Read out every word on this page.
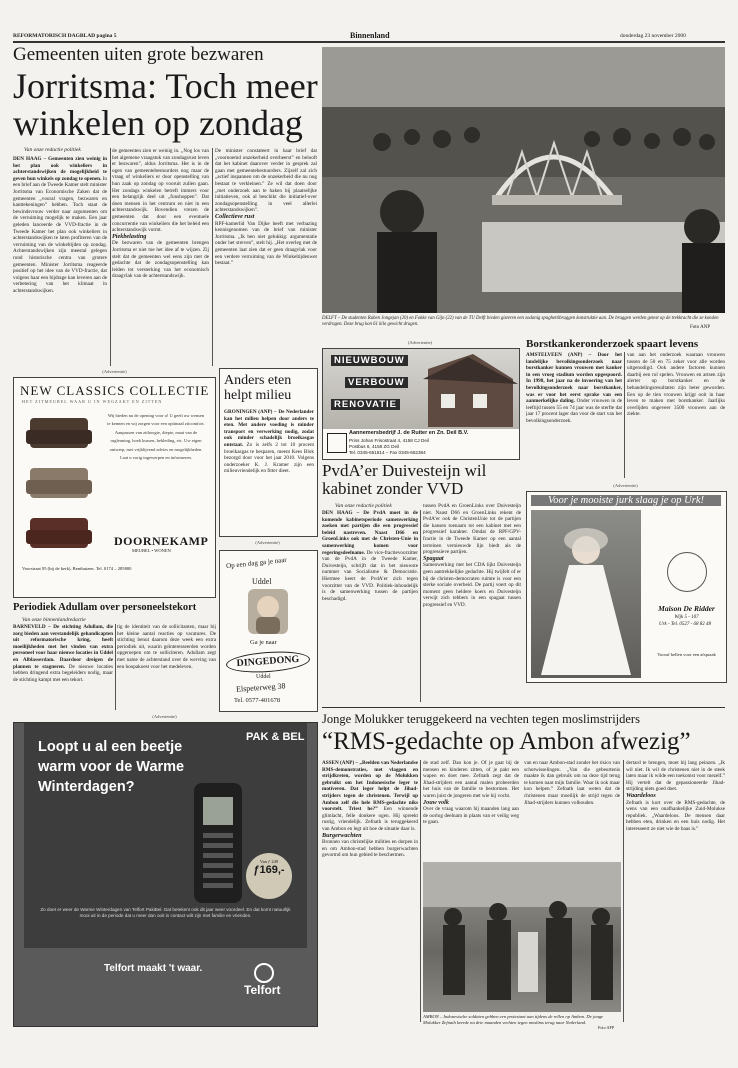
REFORMATORISCH DAGBLAD pagina 5	Binnenland	donderdag 23 november 2000
Gemeenten uiten grote bezwaren
Jorritsma: Toch meer
winkelen op zondag
Van onze redactie politiek
DEN HAAG – Gemeenten zien weinig in het plan ook winkeliers in achterstandswijken de mogelijkheid te geven hun winkels op zondag te openen. In een brief aan de Tweede Kamer stelt minister Jorritsma van Economische Zaken dat de gemeenten „vooral vragen, bezwaren en kanttekeningen” hebben. Toch staat de bewindsvrouw verder naar argumenten om de verruiming mogelijk te maken. Een jaar geleden lanceerde de VVD-fractie in de Tweede Kamer het plan ook winkeliers in achterstandswijken te laten profiteren van de verruiming van de winkeltijden op zondag. Achterstandswijken zijn meestal gelegen rond historische centra van grotere gemeenten. Minister Jorritsma reageerde positief op het idee van de VVD-fractie, dat volgens haar een bijdrage kan leveren aan de verbetering van het klimaat in achterstandswijken.
de gemeenten zien er weinig in. „Nog los van het algemene vraagstuk van zondagsrust leven er bezwaren”, aldus Jorritsma. Het is in de ogen van gemeentebestuurders nog maar de vraag of winkeliers er door openstelling van hun zaak op zondag op vooruit zullen gaan. Het zondags winkelen betreft immers voor een belangrijk deel uit „funshoppen”. Dat doen mensen in het centrum en niet in een achterstandswijk. Bovendien vrezen de gemeenten dat door een eventuele concurrentie van winkeliers die het beleid een achterstandswijk vormt.
Piekbelasting
De bezwaren van de gemeenten brengen Jorritsma er niet toe het idee af te wijzen. Zij stelt dat de gemeenten wel eens zijn met de gedachte dat de zondagsopenstelling kan leiden tot versterking van het economisch draagvlak van de achterstandswijk.
De minister constateert in haar brief dat „voornoemd onzekerheid overheerst” en belooft dat het kabinet daarover verder in gesprek zal gaan met gemeentebestuurders. Zijzelf zal zich „actief inspannen om de onzekerheid die nu nog bestaat te verkleinen.” Ze wil dat doen door „met onderzoek aan te haken bij plaatselijke initiatieven, ook al beschikt die initiatief-over zondagsopenstelling in veel allerlei achterstandswijken”.
Collectieve rust
RPF-kamerlid Van Dijke heeft met verbazing kennisgenomen van de brief van minister Jorritsma. „Ik ben niet gelukkig: argumentatie onder het streven”, stelt hij. „Het overleg met de gemeenten laat zien dat er geen draagvlak voor een verdere verruiming van de Winkeltijdenwet bestaat.”
DELFT – De studenten Ruben Jongejan (20) en Fokke van Gijn (22) van de TU Delft bieden gisteren een zodanig spaghettibruggen konstruktie aan. De bruggen werden getest op de trekkracht die ze konden verdragen. Deze brug kon 61 kilo gewicht dragen.
Foto ANP
(Advertentie)
NEW CLASSICS COLLECTIE
HET ZITMEUBEL WAAR U IN WEGZAKT EN ZITTEN
Wij bieden nu de opening voor u! U geeft uw wensen te kennen en wij zorgen voor een optimaal zitcomfort. Aanpassen van zithoogte, diepte, maat van de rugleuning, hoek kussen, bekleding, etc. Uw eigen ontwerp, met vrijblijvend advies en mogelijkheden. Laat u vorig ingewerpen en informeren.
DOORNEKAMP
MEUBEL • WONEN
Voorstraat 95 (bij de kerk), Benthuizen. Tel. 0174 – 285800
Anders eten helpt milieu
GRONINGEN (ANP) – De Nederlander kan het milieu helpen door anders te eten. Met andere voeding is minder transport en verwerking nodig, zodat ook minder schadelijk broeikasgas ontstaat. Zo is zelfs 2 tot 10 procent broeikasgas te besparen, meent Kees Blok bezorgd door voor het jaar 2010. Volgens onderzoeker K. J. Kramer zijn een milieuvriendelijk en fitter dieet.
(Advertentie)
Op een dag ga je naar
Uddel
Ga je naar
DINGEDONG
Uddel
Elspeterweg 38
Tel. 0577-401678
Periodiek Adullam over personeelstekort
Van onze binnenlandredactie
BARNEVELD – De stichting Adullam, die zorg bieden aan verstandelijk gehandicapten uit reformatorische kring, heeft moeilijkheden met het vinden van extra personeel voor haar nieuwe locaties in Uddel en Alblasserdam. Daardoor dreigen de plannen te stagneren. De nieuwe locaties hebben dringend extra begeleiders nodig, maar de stichting kampt met een tekort.
tig de identiteit van de sollicitanten, maar bij het kleine aantal reacties op vacatures. De stichting benut daarom deze week een extra periodiek uit, waarin geïnteresseerden worden opgeroepen om te solliciteren. Adullam zegt met name de achterstand over de werving van een hoopakoest voor het medeleven.
(Advertentie)
NIEUWBOUW
VERBOUW
RENOVATIE
Aannemersbedrijf J. de Ruiter en Zn. Deil B.V.
Prins Johan Frisostraat 4, 4158 CJ Deil
Postbus 6, 4158 ZG Deil
Tel. 0345-651814 – Fax 0345-652384
Borstkankeronderzoek spaart levens
AMSTELVEEN (ANP) – Door het landelijke bevolkingsonderzoek naar borstkanker kunnen vrouwen met kanker in een vroeg stadium worden opgespoord. In 1998, het jaar na de invoering van het bevolkingsonderzoek naar borstkanker, was er voor het eerst sprake van een aanmerkelijke daling. Onder vrouwen in de leeftijd tussen 55 en 74 jaar was de sterfte dat jaar 17 procent lager dan voor de start van het bevolkingsonderzoek.
van aan het onderzoek waaraan vrouwen tussen de 50 en 75 zeker voor alle worden uitgenodigd. Ook andere factoren kunnen daarbij een rol spelen. Vrouwen en artsen zijn alerter op borstkanker en de behandelingsresultaten zijn beter geworden. Een op de tien vrouwen krijgt ooit in haar leven te maken met borstkanker. Jaarlijks overlijden ongeveer 3500 vrouwen aan de ziekte.
PvdA’er Duivesteijn wil
kabinet zonder VVD
Van onze redactie politiek
DEN HAAG – De PvdA moet in de komende kabinetsperiode samenwerking zoeken met partijen die een progressief beleid nastreven. Naast D66 en GroenLinks ook met de Christen-Unie in samenwerking komen voor regeringsdeelname. De vice-fractievoorzitter van de PvdA in de Tweede Kamer, Duivesteijn, schrijft dat in het nieuwste nummer van Socialisme & Democratie. Hiermee keert de PvdA’er zich tegen voorzitter van de VVD. Politiek-inhoudelijk is de samenwerking tussen de partijen beschadigd.
tussen PvdA en GroenLinks over Duivesteijn niet. Naast D66 en GroenLinks rekent de PvdA’er ook de ChristenUnie tot de partijen die kansen toenaam tot een kabinet met een progressief karakter. Omdat de RPF/GPV-fractie in de Tweede Kamer op een aantal terreinen vernieuwde lijn biedt als de progressieve partijen.
Spagaat
Samenwerking met het CDA lijkt Duivesteijn geen aantrekkelijke gedachte. Hij twijfelt of er bij de christen-democraten ruimte is voor een sterke sociale overheid. De partij voert op dit moment geen heldere koers en Duivesteijn verwijt zich tebbers in een spagaat tussen progressief en VVD.
(Advertentie)
Voor je mooiste jurk slaag je op Urk!
Maison De Ridder
Wijk 5 - 107
Urk - Tel. 0527 - 68 82 48
Vooraf bellen voor een afspraak
Jonge Molukker teruggekeerd na vechten tegen moslimstrijders
“RMS-gedachte op Ambon afwezig”
ASSEN (ANP) – „Beelden van Nederlandse RMS-demonstraties, met vlaggen en strijdkreten, worden op de Molukken gebruikt om het Indonesische leger te motiveren. Dat leger helpt de Jihad-strijders tegen de christenen. Terwijl op Ambon zelf die hele RMS-gedachte niks voorstelt. Triest he?” Een winnende glimlacht, felle donkere ogen. Hij spreekt rustig, vriendelijk. Zefnath is teruggekeerd van Ambon en legt uit hoe de situatie daar is.
Burgerwachten
Bronnen van christelijke milities en dorpen in en om Ambon-stad hebben burgerwachten gevormd om hun gebied te beschermen.
de stad zelf. Dan kon je. Of je gaat bij de mensen en kinderen zitten, of je pakt een wapen en doet mee. Zefnath zegt dat de Jihad-strijders een aantal malen probeerden het huis van de familie te bestormen. Het waren juist de jongeren met wie hij vocht.
Jouw volk
Over de vraag waarom hij maanden lang aan de oorlog deelnam in plaats van er veilig weg te gaan.
van en naar Ambon-stad zonder het risico van schotwisselingen. „Van die gebeurtenis maakte ik dan gebruik om na deze tijd terug te komen naar mijn familie. Waar ik ook maar kon helpen.” Zefnath laat weten dat de christenen maar moeilijk de strijd tegen de Jihad-strijders kunnen volhouden.
dertard te brengen, moet hij lang peinzen. „Ik wil niet. Ik wil de christenen niet in de steek laten maar ik wilde een toekomst voor mezelf.” Hij vertelt dat de gepassioneerde Jihad-strijding niets goed doet.
Waardeloos
Zefnath is kort over de RMS-gedachte, de wens van een onafhankelijke Zuid-Molukse republiek. „Waardeloos. De mensen daar hebben eten, drinken en een huis nodig. Het interesseert ze niet wie de baas is.”
AMBON – Indonesische soldaten gebben een protestant aan tijdens de rellen op Ambon. De jonge Molukker Zefnath keerde na drie maanden vechten tegen moslims terug naar Nederland.
Foto AFP
(Advertentie)
Loopt u al een beetje warm voor de Warme Winterdagen?
PAK & BEL
Van ƒ 249
ƒ169,-
Zo doet er weer de Warme Winterdagen van Telfort PakiBel. Dat betekent ook dit jaar weer voordeel. En dat komt natuurlijk mooi uit in de periode dat u meer dan ooit in contact wilt zijn met familie en vrienden.
Telfort maakt 't waar.
Telfort
